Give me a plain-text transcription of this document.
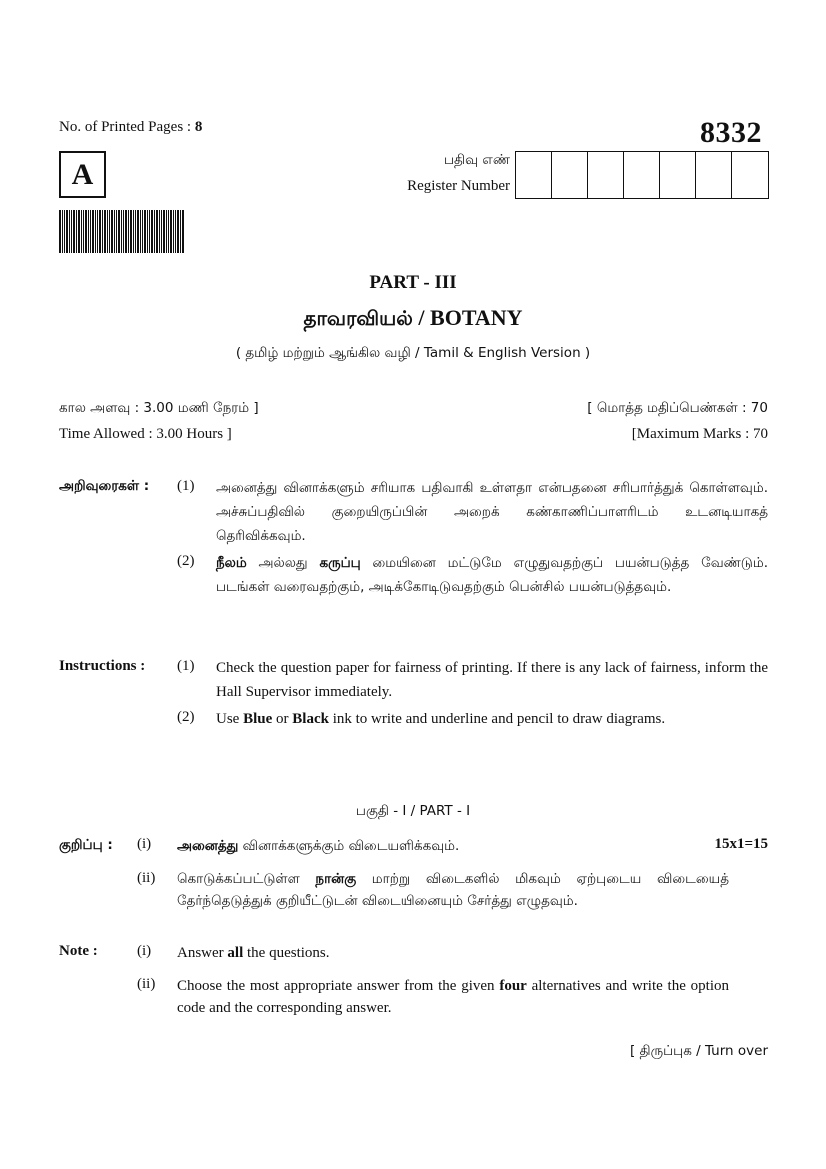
No. of Printed Pages : 8	8332
A	பதிவு எண்
Register Number
PART - III
தாவரவியல் / BOTANY
( தமிழ் மற்றும் ஆங்கில வழி / Tamil & English Version )
கால அளவு : 3.00 மணி நேரம் ]
Time Allowed : 3.00 Hours ]
[ மொத்த மதிப்பெண்கள் : 70
[Maximum Marks : 70
அறிவுரைகள் : (1) அனைத்து வினாக்களும் சரியாக பதிவாகி உள்ளதா என்பதனை சரிபார்த்துக் கொள்ளவும். அச்சுப்பதிவில் குறையிருப்பின் அறைக் கண்காணிப்பாளரிடம் உடனடியாகத் தெரிவிக்கவும்.
(2) நீலம் அல்லது கருப்பு மையினை மட்டுமே எழுதுவதற்குப் பயன்படுத்த வேண்டும். படங்கள் வரைவதற்கும், அடிக்கோடிடுவதற்கும் பென்சில் பயன்படுத்தவும்.
Instructions : (1) Check the question paper for fairness of printing. If there is any lack of fairness, inform the Hall Supervisor immediately.
(2) Use Blue or Black ink to write and underline and pencil to draw diagrams.
பகுதி - I / PART - I
குறிப்பு : (i) அனைத்து வினாக்களுக்கும் விடையளிக்கவும்.	15x1=15
(ii) கொடுக்கப்பட்டுள்ள நான்கு மாற்று விடைகளில் மிகவும் ஏற்புடைய விடையைத் தேர்ந்தெடுத்துக் குறியீட்டுடன் விடையினையும் சேர்த்து எழுதவும்.
Note :	(i) Answer all the questions.
(ii) Choose the most appropriate answer from the given four alternatives and write the option code and the corresponding answer.
[ திருப்புக / Turn over
